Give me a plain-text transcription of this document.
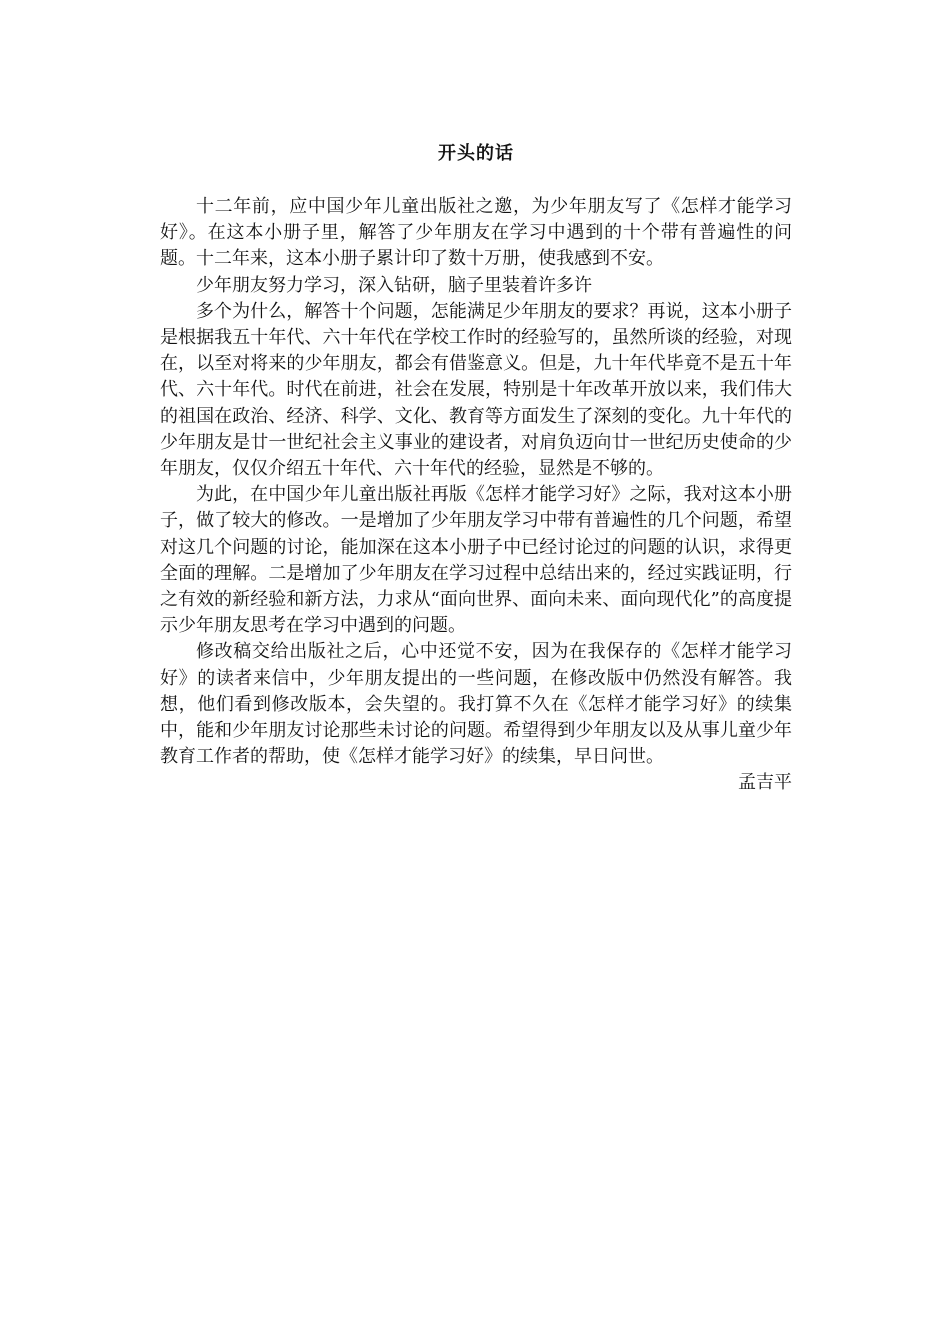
开头的话

十二年前，应中国少年儿童出版社之邀，为少年朋友写了《怎样才能学习好》。在这本小册子里，解答了少年朋友在学习中遇到的十个带有普遍性的问题。十二年来，这本小册子累计印了数十万册，使我感到不安。

少年朋友努力学习，深入钻研，脑子里装着许多许

多个为什么，解答十个问题，怎能满足少年朋友的要求？再说，这本小册子是根据我五十年代、六十年代在学校工作时的经验写的，虽然所谈的经验，对现在，以至对将来的少年朋友，都会有借鉴意义。但是，九十年代毕竟不是五十年代、六十年代。时代在前进，社会在发展，特别是十年改革开放以来，我们伟大的祖国在政治、经济、科学、文化、教育等方面发生了深刻的变化。九十年代的少年朋友是廿一世纪社会主义事业的建设者，对肩负迈向廿一世纪历史使命的少年朋友，仅仅介绍五十年代、六十年代的经验，显然是不够的。

为此，在中国少年儿童出版社再版《怎样才能学习好》之际，我对这本小册子，做了较大的修改。一是增加了少年朋友学习中带有普遍性的几个问题，希望对这几个问题的讨论，能加深在这本小册子中已经讨论过的问题的认识，求得更全面的理解。二是增加了少年朋友在学习过程中总结出来的，经过实践证明，行之有效的新经验和新方法，力求从“面向世界、面向未来、面向现代化”的高度提示少年朋友思考在学习中遇到的问题。

修改稿交给出版社之后，心中还觉不安，因为在我保存的《怎样才能学习好》的读者来信中，少年朋友提出的一些问题，在修改版中仍然没有解答。我想，他们看到修改版本，会失望的。我打算不久在《怎样才能学习好》的续集中，能和少年朋友讨论那些未讨论的问题。希望得到少年朋友以及从事儿童少年教育工作者的帮助，使《怎样才能学习好》的续集，早日问世。

孟吉平
